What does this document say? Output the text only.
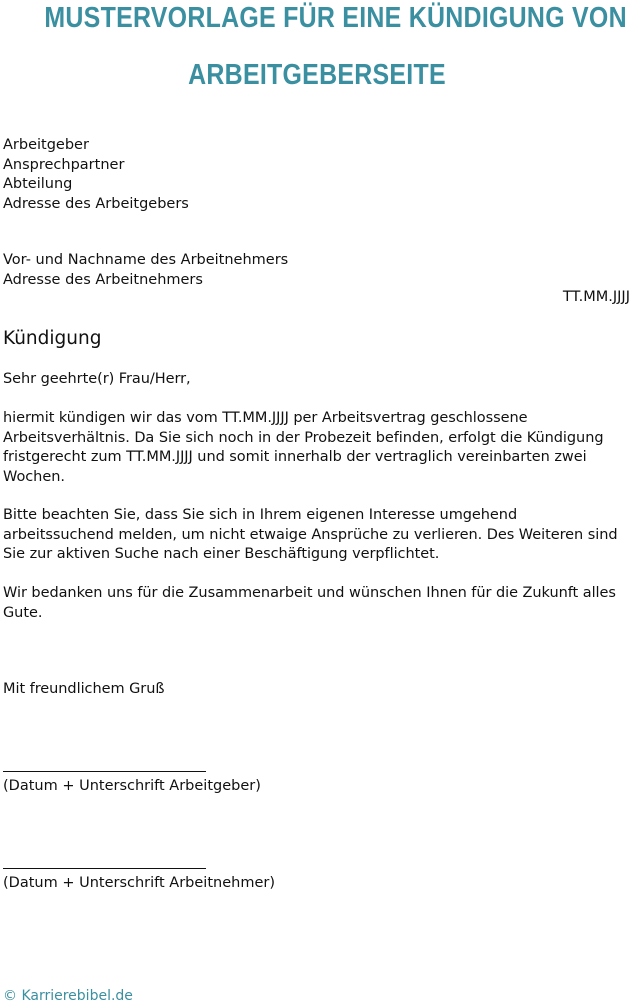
MUSTERVORLAGE FÜR EINE KÜNDIGUNG VON
ARBEITGEBERSEITE
Arbeitgeber
Ansprechpartner
Abteilung
Adresse des Arbeitgebers
Vor- und Nachname des Arbeitnehmers
Adresse des Arbeitnehmers
TT.MM.JJJJ
Kündigung
Sehr geehrte(r) Frau/Herr,
hiermit kündigen wir das vom TT.MM.JJJJ per Arbeitsvertrag geschlossene Arbeitsverhältnis. Da Sie sich noch in der Probezeit befinden, erfolgt die Kündigung fristgerecht zum TT.MM.JJJJ und somit innerhalb der vertraglich vereinbarten zwei Wochen.
Bitte beachten Sie, dass Sie sich in Ihrem eigenen Interesse umgehend arbeitssuchend melden, um nicht etwaige Ansprüche zu verlieren. Des Weiteren sind Sie zur aktiven Suche nach einer Beschäftigung verpflichtet.
Wir bedanken uns für die Zusammenarbeit und wünschen Ihnen für die Zukunft alles Gute.
Mit freundlichem Gruß
(Datum + Unterschrift Arbeitgeber)
(Datum + Unterschrift Arbeitnehmer)
© Karrierebibel.de
